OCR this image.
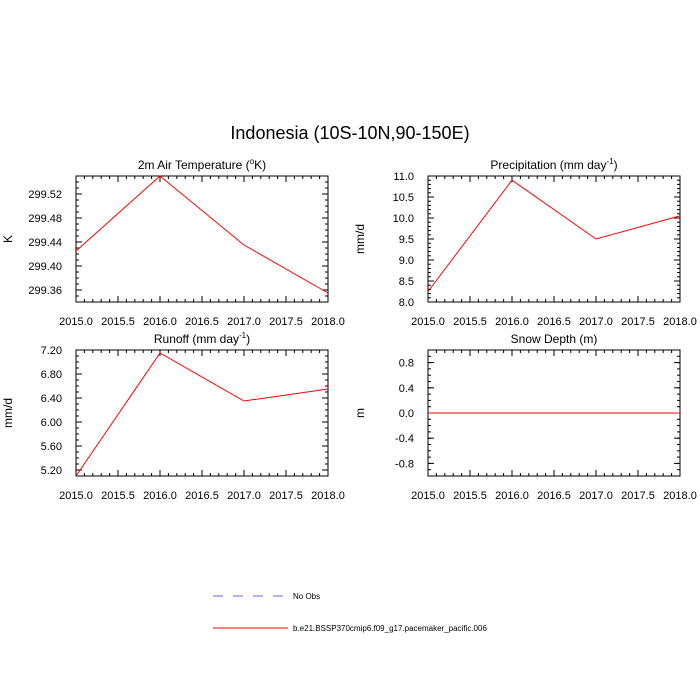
Indonesia (10S-10N,90-150E)
2m Air Temperature ($^o$K)
2015.0 2015.5 2016.0 2016.5 2017.0 2017.5 2018.0
299.36
299.40
299.44
299.48
299.52
K
Precipitation (mm day$^{-1}$)
2015.0 2015.5 2016.0 2016.5 2017.0 2017.5 2018.0
8.0
8.5
9.0
9.5
10.0
10.5
11.0
mm/d
Runoff (mm day$^{-1}$)
2015.0 2015.5 2016.0 2016.5 2017.0 2017.5 2018.0
5.20
5.60
6.00
6.40
6.80
7.20
mm/d
Snow Depth (m)
2015.0 2015.5 2016.0 2016.5 2017.0 2017.5 2018.0
-0.8
-0.4
0.0
0.4
0.8
m
No Obs
b.e21.BSSP370cmip6.f09_g17.pacemaker_pacific.006
